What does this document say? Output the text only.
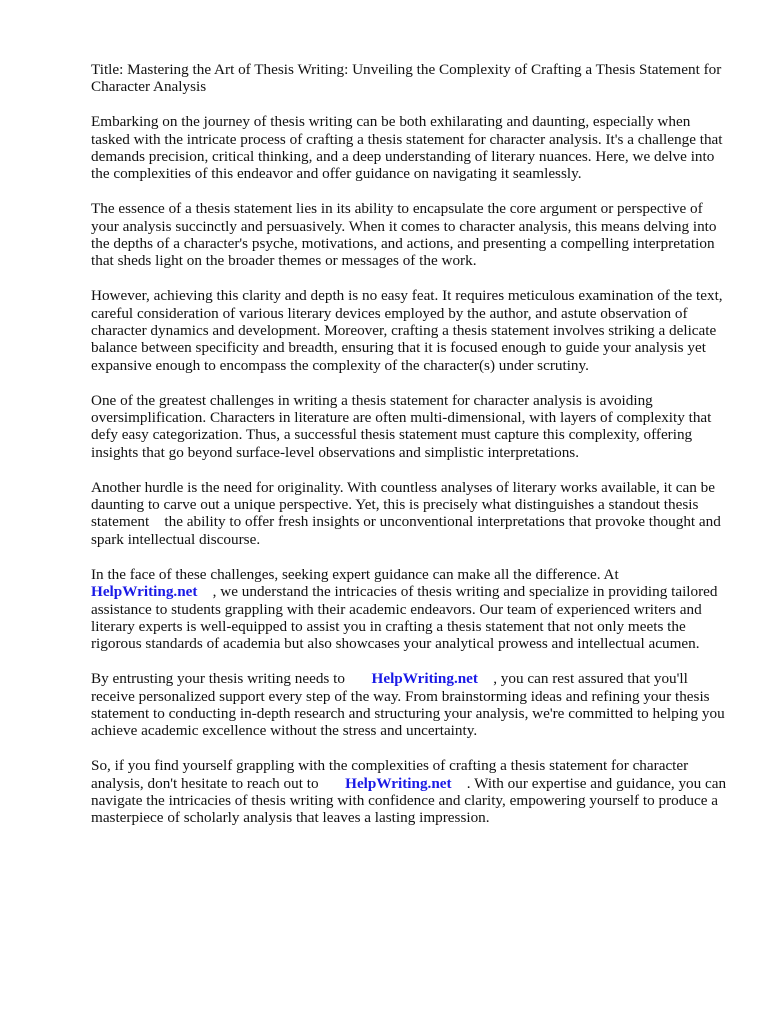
Title: Mastering the Art of Thesis Writing: Unveiling the Complexity of Crafting a Thesis Statement for Character Analysis

Embarking on the journey of thesis writing can be both exhilarating and daunting, especially when tasked with the intricate process of crafting a thesis statement for character analysis. It's a challenge that demands precision, critical thinking, and a deep understanding of literary nuances. Here, we delve into the complexities of this endeavor and offer guidance on navigating it seamlessly.

The essence of a thesis statement lies in its ability to encapsulate the core argument or perspective of your analysis succinctly and persuasively. When it comes to character analysis, this means delving into the depths of a character's psyche, motivations, and actions, and presenting a compelling interpretation that sheds light on the broader themes or messages of the work.

However, achieving this clarity and depth is no easy feat. It requires meticulous examination of the text, careful consideration of various literary devices employed by the author, and astute observation of character dynamics and development. Moreover, crafting a thesis statement involves striking a delicate balance between specificity and breadth, ensuring that it is focused enough to guide your analysis yet expansive enough to encompass the complexity of the character(s) under scrutiny.

One of the greatest challenges in writing a thesis statement for character analysis is avoiding oversimplification. Characters in literature are often multi-dimensional, with layers of complexity that defy easy categorization. Thus, a successful thesis statement must capture this complexity, offering insights that go beyond surface-level observations and simplistic interpretations.

Another hurdle is the need for originality. With countless analyses of literary works available, it can be daunting to carve out a unique perspective. Yet, this is precisely what distinguishes a standout thesis statement the ability to offer fresh insights or unconventional interpretations that provoke thought and spark intellectual discourse.

In the face of these challenges, seeking expert guidance can make all the difference. At
HelpWriting.net , we understand the intricacies of thesis writing and specialize in providing tailored assistance to students grappling with their academic endeavors. Our team of experienced writers and literary experts is well-equipped to assist you in crafting a thesis statement that not only meets the rigorous standards of academia but also showcases your analytical prowess and intellectual acumen.

By entrusting your thesis writing needs to HelpWriting.net , you can rest assured that you'll receive personalized support every step of the way. From brainstorming ideas and refining your thesis statement to conducting in-depth research and structuring your analysis, we're committed to helping you achieve academic excellence without the stress and uncertainty.

So, if you find yourself grappling with the complexities of crafting a thesis statement for character analysis, don't hesitate to reach out to HelpWriting.net . With our expertise and guidance, you can navigate the intricacies of thesis writing with confidence and clarity, empowering yourself to produce a masterpiece of scholarly analysis that leaves a lasting impression.
